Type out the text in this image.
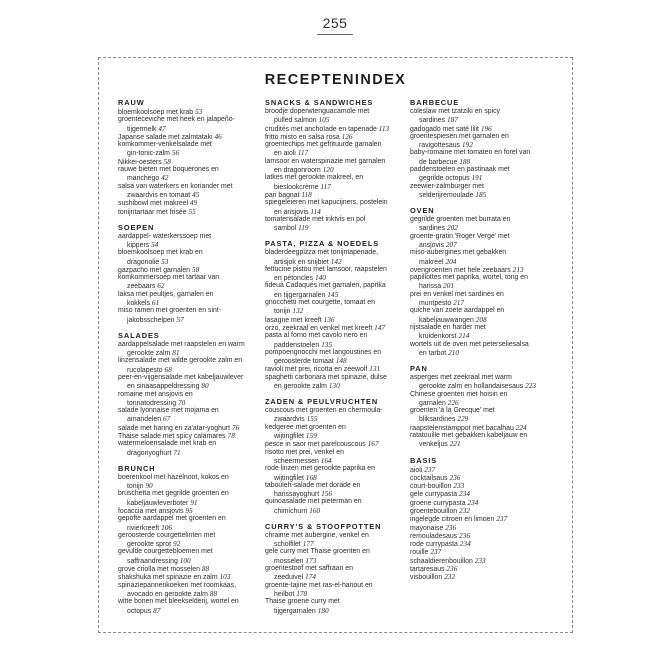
255
RECEPTENINDEX
RAUW
bloemkoolsoep met krab 53
groenteceviche met heek en jalapeño-
tijgermelk 47
Japanse salade met zalmtataki 46
komkommer-venkelsalade met
gin-tonic-zalm 56
Nikkei-oesters 58
rauwe bieten met boquerones en
manchego 42
salsa van waterkers en koriander met
zwaardvis en tomaat 45
sushibowl met makreel 49
tonijntartaar met frisée 55
SOEPEN
aardappel- waterkerssoep met
kippers 54
bloemkoolsoep met krab en
dragonolie 53
gazpacho met garnalen 58
komkommersoep met tartaar van
zeebaars 62
laksa met peultjes, garnalen en
kokkels 61
miso ramen met groenten en sint-
jakobsschelpen 57
SALADES
aardappelsalade met raapstelen en warm
gerookte zalm 81
linzensalade met wilde gerookte zalm en
rucolapesto 68
peer-en-vijgensalade met kabeljauwlever
en sinaasappeldressing 80
romaine met ansjovis en
tonnatodressing 70
salade lyonnaise met mojama en
amandelen 67
salade met haring en za'atar-yoghurt 76
Thaise salade met spicy calamares 78
watermeloensalade met krab en
dragonyoghurt 71
BRUNCH
boerenkool met hazelnoot, kokos en
tonijn 90
bruschetta met gegrilde groenten en
kabeljauwleverboter 91
focaccia met ansjovis 95
gepofte aardappel met groenten en
rivierkreeft 106
geroosterde courgettelinten met
gerookte sprot 92
gevulde courgettebloemen met
saffraandressing 100
grove criolla met mosselen 88
shakshuka met spinazie en zalm 103
spinaziepannenkoeken met roomkaas,
avocado en gerookte zalm 88
witte bonen met bleekselderij, wortel en
octopus 87
SNACKS & SANDWICHES
broodje doperwtenguacamole met
pulled salmon 105
crudités met anchoïade en tapenade 113
fritto misto en salsa rosa 126
groentechips met gefrituurde garnalen
en aioli 117
lamsoor en waterspinazie met garnalen
en dragonroom 120
latkes met gerookte makreel, en
bieslookcrème 117
pan bagnat 118
spiegeleieren met kapucijners, postelein
en ansjovis 114
tomatensalade met inktvis en pol
sambol 119
PASTA, PIZZA & NOEDELS
bladerdeegpizza met tonijntapenade,
artisjok en snijbiet 142
fettucine pistou met lamsoor, raapstelen
en pétoncles 140
fideuà Cadaqués met garnalen, paprika
en tijgergarnalen 145
gnocchetti met courgette, tomaat en
tonijn 132
lasagne met kreeft 136
orzo, zeekraal en venkel met kreeft 147
pasta al forno met cavolo nero en
paddenstoelen 135
pompoengnocchi met langoustines en
geroosterde tomaat 148
ravioli met prei, ricotta en zeewolf 131
spaghetti carbonara met spinazie, dulse
en gerookte zalm 130
ZADEN & PEULVRUCHTEN
couscous met groenten en chermoula-
zwaardvis 155
kedgeree met groenten en
wijtingfilet 159
pesce in saor met parelcouscous 167
risotto met prei, venkel en
scheermessen 164
rode linzen met gerookte paprika en
wijtingfilet 168
tabouleh-salade met dorade en
harissayoghurt 156
quinoasalade met pieterman en
chimichurri 160
CURRY'S & STOOFPOTTEN
chraime met aubergine, venkel en
scholfilet 177
gele curry met Thaise groenten en
mosselen 173
groentestoof met saffraan en
zeeduivel 174
groente-tajine met ras-el-hanout en
heilbot 178
Thaise groene curry met
tijgergarnalen 180
BARBECUE
coleslaw met tzatziki en spicy
sardines 187
gadogado met saté lilit 196
groentespiesen met garnalen en
ravigottesaus 192
baby-romaine met tomaten en forel van
de barbecue 188
paddenstoelen en pastinaak met
gegrilde octopus 191
zeewier-zalmburger met
selderijremoulade 185
OVEN
gegrilde groenten met burrata en
sardines 202
groente-gratin 'Roger Vergé' met
ansjovis 207
miso-aubergines met gebakken
makreel 204
ovengroenten met hele zeebaars 213
papillottes met paprika, wortel, tong en
harissa 201
prei en venkel met sardines en
muntpesto 217
quiche van zoete aardappel en
kabeljauwwangen 208
rijstsalade en harder met
kruidenkorst 214
wortels uit de oven met peterseliesalsa
en tarbot 210
PAN
asperges met zeekraal met warm
gerookte zalm en hollandaisesaus 223
Chinese groenten met hoisin en
garnalen 226
groenten 'à la Grecque' met
bliksardines 229
raapstelenstamppot met bacalhau 224
ratatouille met gebakken kabeljauw en
venkeljus 221
BASIS
aioli 237
cocktailsaus 236
court-bouillon 233
gele currypasta 234
groene currypasta 234
groentebouillon 232
ingelegde citroen en limoen 237
mayonaise 236
remouladesaus 236
rode currypasta 234
rouille 237
schaaldierenbouillon 233
tartaresaus 236
visbouillon 232
